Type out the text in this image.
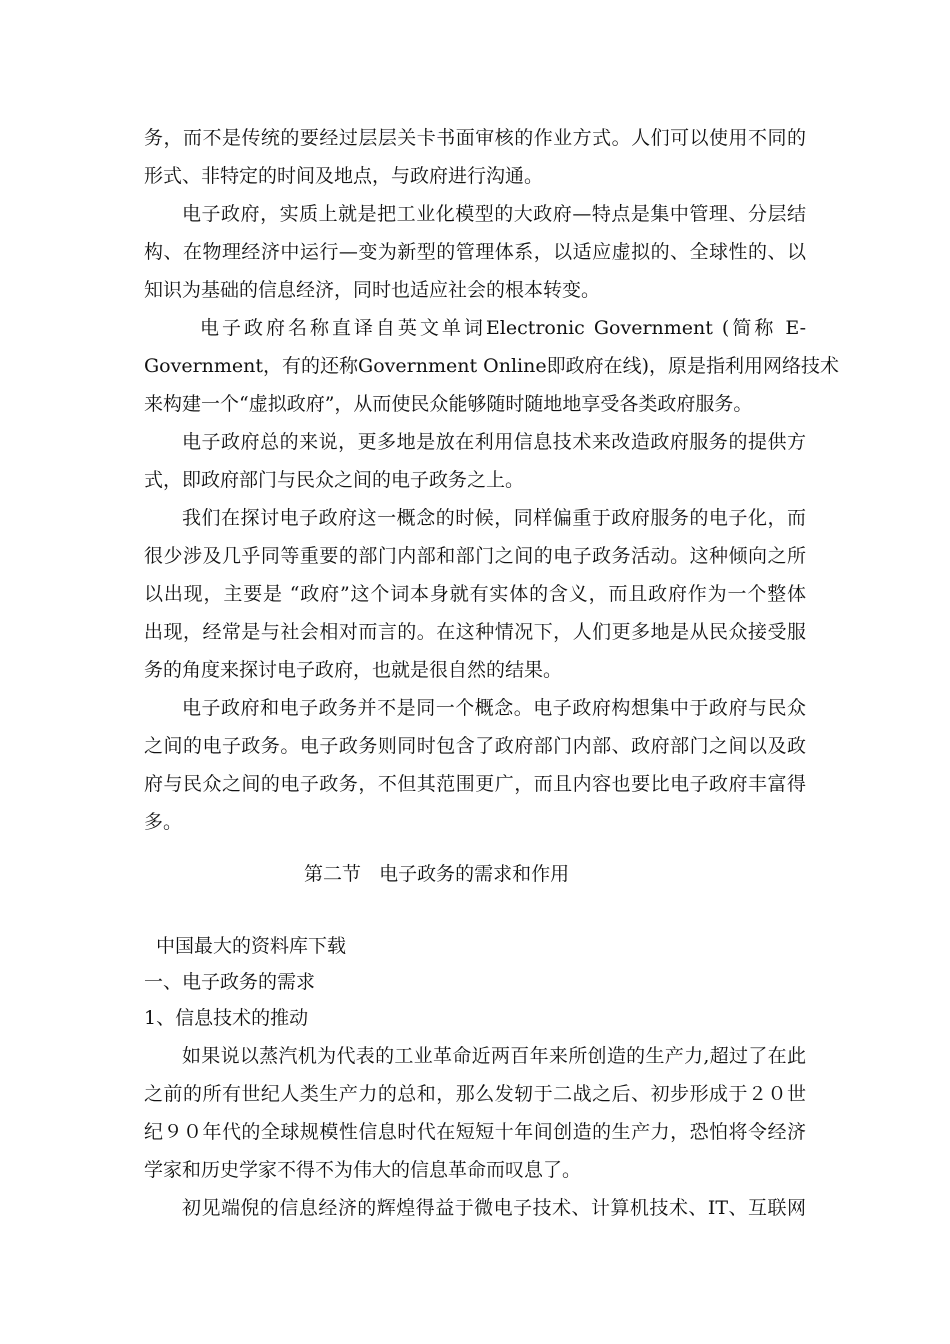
务，而不是传统的要经过层层关卡书面审核的作业方式。人们可以使用不同的

形式、非特定的时间及地点，与政府进行沟通。

电子政府，实质上就是把工业化模型的大政府—特点是集中管理、分层结

构、在物理经济中运行—变为新型的管理体系，以适应虚拟的、全球性的、以

知识为基础的信息经济，同时也适应社会的根本转变。

电子政府名称直译自英文单词Electronic Government (简称 E-

Government，有的还称Government Online即政府在线)，原是指利用网络技术

来构建一个“虚拟政府”，从而使民众能够随时随地地享受各类政府服务。

电子政府总的来说，更多地是放在利用信息技术来改造政府服务的提供方

式，即政府部门与民众之间的电子政务之上。

我们在探讨电子政府这一概念的时候，同样偏重于政府服务的电子化，而

很少涉及几乎同等重要的部门内部和部门之间的电子政务活动。这种倾向之所

以出现，主要是 “政府”这个词本身就有实体的含义，而且政府作为一个整体

出现，经常是与社会相对而言的。在这种情况下，人们更多地是从民众接受服

务的角度来探讨电子政府，也就是很自然的结果。

电子政府和电子政务并不是同一个概念。电子政府构想集中于政府与民众

之间的电子政务。电子政务则同时包含了政府部门内部、政府部门之间以及政

府与民众之间的电子政务，不但其范围更广，而且内容也要比电子政府丰富得

多。

第二节   电子政务的需求和作用

中国最大的资料库下载

一、电子政务的需求

1、信息技术的推动

如果说以蒸汽机为代表的工业革命近两百年来所创造的生产力,超过了在此

之前的所有世纪人类生产力的总和，那么发轫于二战之后、初步形成于２０世

纪９０年代的全球规模性信息时代在短短十年间创造的生产力，恐怕将令经济

学家和历史学家不得不为伟大的信息革命而叹息了。

初见端倪的信息经济的辉煌得益于微电子技术、计算机技术、IT、互联网
